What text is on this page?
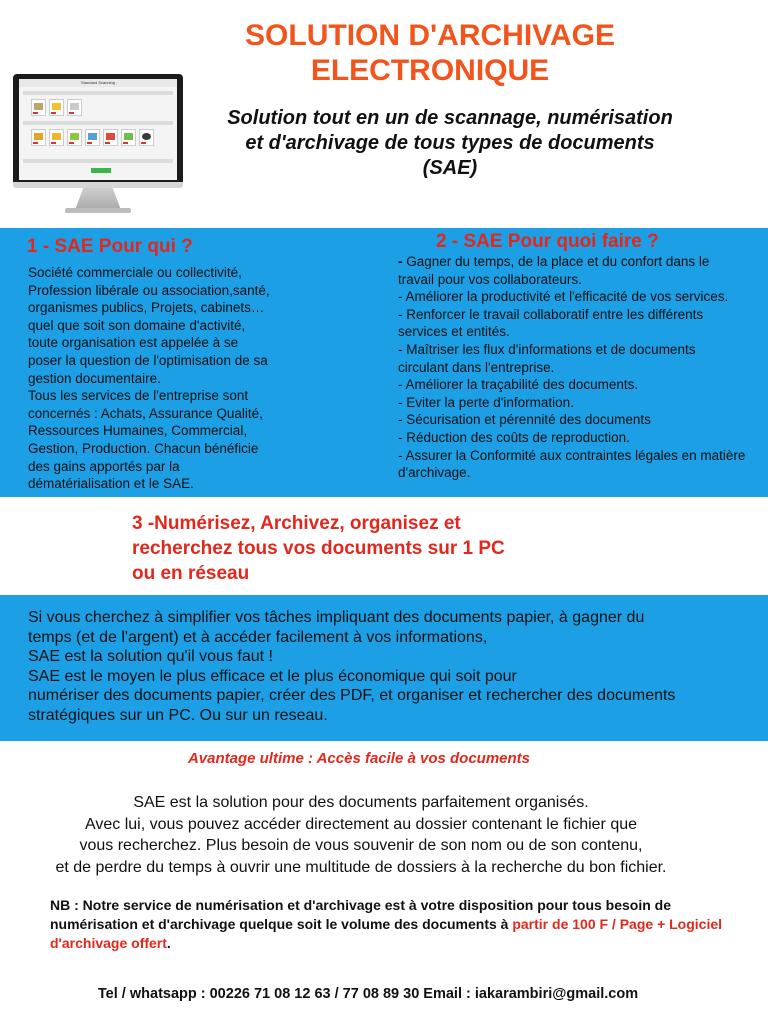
SOLUTION D'ARCHIVAGE
ELECTRONIQUE
Solution tout en un de scannage, numérisation
et d'archivage de tous types de documents
(SAE)
Standard Scanning
1 - SAE Pour qui ?
Société commerciale ou collectivité,
Profession libérale ou association,santé,
organismes publics, Projets, cabinets…
quel que soit son domaine d'activité,
toute organisation est appelée à se
poser la question de l'optimisation de sa
gestion documentaire.
Tous les services de l'entreprise sont
concernés : Achats, Assurance Qualité,
Ressources Humaines, Commercial,
Gestion, Production. Chacun bénéficie
des gains apportés par la
dématérialisation et le SAE.
2 - SAE Pour quoi faire ?
- Gagner du temps, de la place et du confort dans le travail pour vos collaborateurs.
- Améliorer la productivité et l'efficacité de vos services.
- Renforcer le travail collaboratif entre les différents services et entités.
- Maîtriser les flux d'informations et de documents circulant dans l'entreprise.
- Améliorer la traçabilité des documents.
- Eviter la perte d'information.
- Sécurisation et pérennité des documents
- Réduction des coûts de reproduction.
- Assurer la Conformité aux contraintes légales en matière d'archivage.
3 -Numérisez, Archivez, organisez et
recherchez tous vos documents sur 1 PC
ou en réseau
Si vous cherchez à simplifier vos tâches impliquant des documents papier, à gagner du
temps (et de l'argent) et à accéder facilement à vos informations,
SAE est la solution qu'il vous faut !
SAE est le moyen le plus efficace et le plus économique qui soit pour
numériser des documents papier, créer des PDF, et organiser et rechercher des documents
stratégiques sur un PC. Ou sur un reseau.
Avantage ultime : Accès facile à vos documents
SAE est la solution pour des documents parfaitement organisés.
Avec lui, vous pouvez accéder directement au dossier contenant le fichier que
vous recherchez. Plus besoin de vous souvenir de son nom ou de son contenu,
et de perdre du temps à ouvrir une multitude de dossiers à la recherche du bon fichier.
NB : Notre service de numérisation et d'archivage est à votre disposition pour tous besoin de numérisation et d'archivage quelque soit le volume des documents à partir de 100 F / Page + Logiciel d'archivage offert.
Tel / whatsapp : 00226 71 08 12 63 / 77 08 89 30 Email : iakarambiri@gmail.com
